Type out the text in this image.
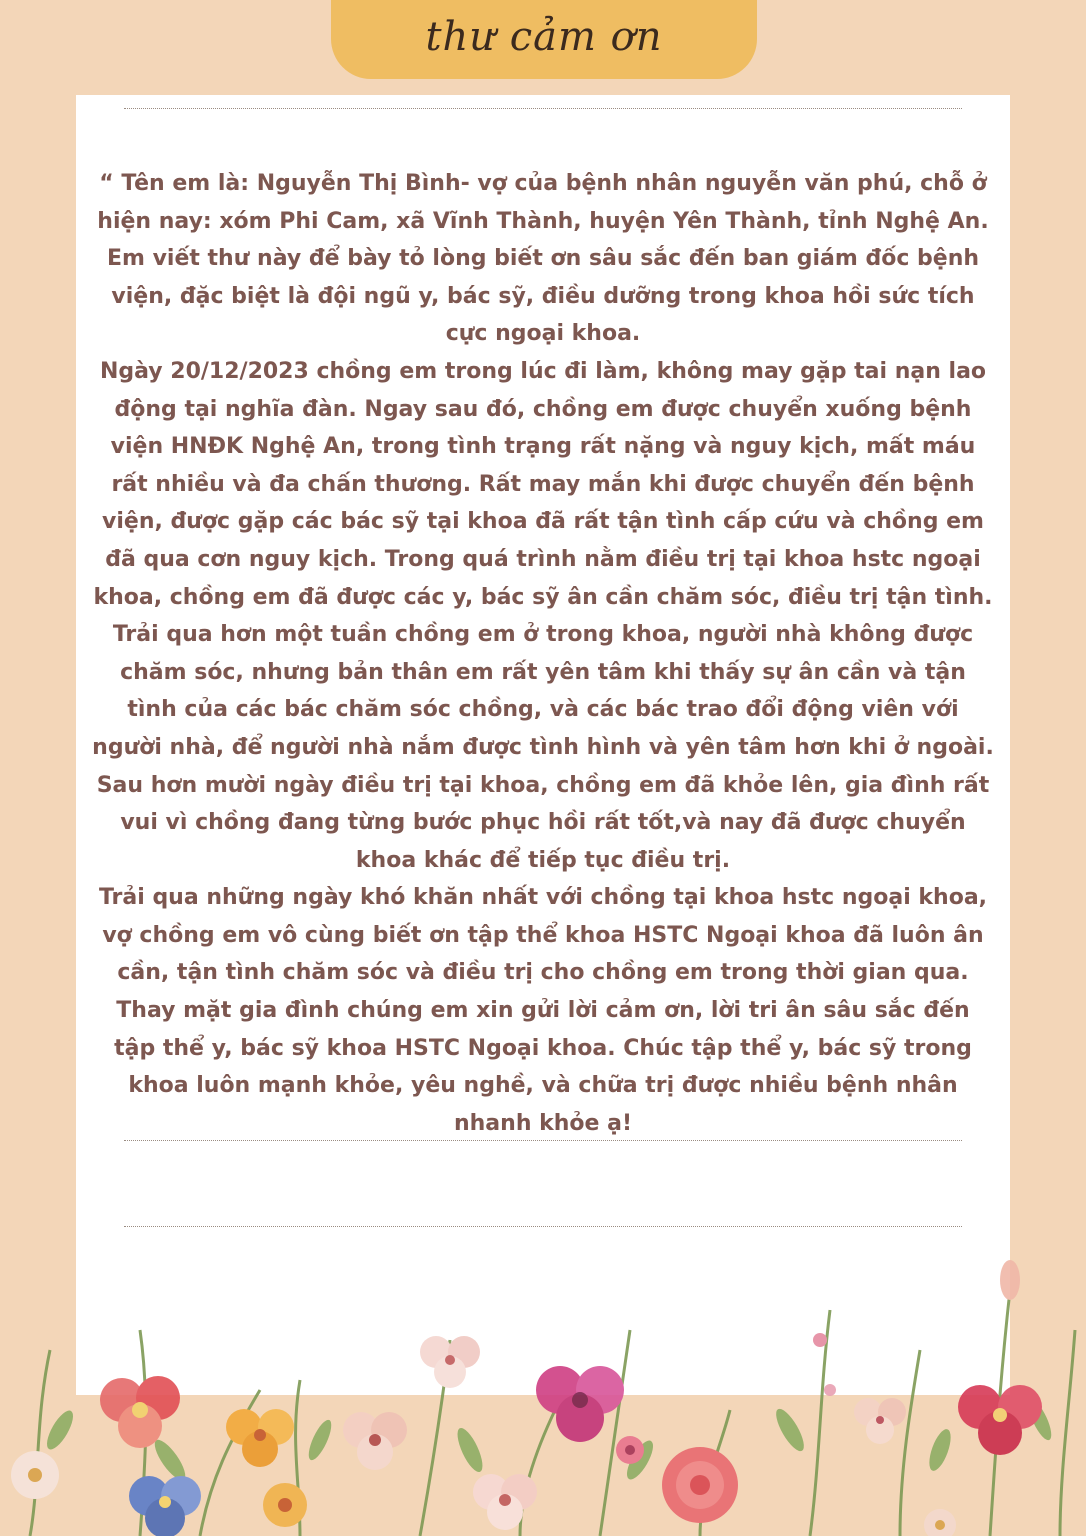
thư cảm ơn

“ Tên em là: Nguyễn Thị Bình- vợ của bệnh nhân nguyễn văn phú, chỗ ở hiện nay: xóm Phi Cam, xã Vĩnh Thành, huyện Yên Thành, tỉnh Nghệ An. Em viết thư này để bày tỏ lòng biết ơn sâu sắc đến ban giám đốc bệnh viện, đặc biệt là đội ngũ y, bác sỹ, điều dưỡng trong khoa hồi sức tích cực ngoại khoa.

Ngày 20/12/2023 chồng em trong lúc đi làm, không may gặp tai nạn lao động tại nghĩa đàn. Ngay sau đó, chồng em được chuyển xuống bệnh viện HNĐK Nghệ An, trong tình trạng rất nặng và nguy kịch, mất máu rất nhiều và đa chấn thương. Rất may mắn khi được chuyển đến bệnh viện, được gặp các bác sỹ tại khoa đã rất tận tình cấp cứu và chồng em đã qua cơn nguy kịch. Trong quá trình nằm điều trị tại khoa hstc ngoại khoa, chồng em đã được các y, bác sỹ ân cần chăm sóc, điều trị tận tình. Trải qua hơn một tuần chồng em ở trong khoa, người nhà không được chăm sóc, nhưng bản thân em rất yên tâm khi thấy sự ân cần và tận tình của các bác chăm sóc chồng, và các bác trao đổi động viên với người nhà, để người nhà nắm được tình hình và yên tâm hơn khi ở ngoài. Sau hơn mười ngày điều trị tại khoa, chồng em đã khỏe lên, gia đình rất vui vì chồng đang từng bước phục hồi rất tốt,và nay đã được chuyển khoa khác để tiếp tục điều trị.

Trải qua những ngày khó khăn nhất với chồng tại khoa hstc ngoại khoa, vợ chồng em vô cùng biết ơn tập thể khoa HSTC Ngoại khoa đã luôn ân cần, tận tình chăm sóc và điều trị cho chồng em trong thời gian qua. Thay mặt gia đình chúng em xin gửi lời cảm ơn, lời tri ân sâu sắc đến tập thể y, bác sỹ khoa HSTC Ngoại khoa. Chúc tập thể y, bác sỹ trong khoa luôn mạnh khỏe, yêu nghề, và chữa trị được nhiều bệnh nhân nhanh khỏe ạ!
